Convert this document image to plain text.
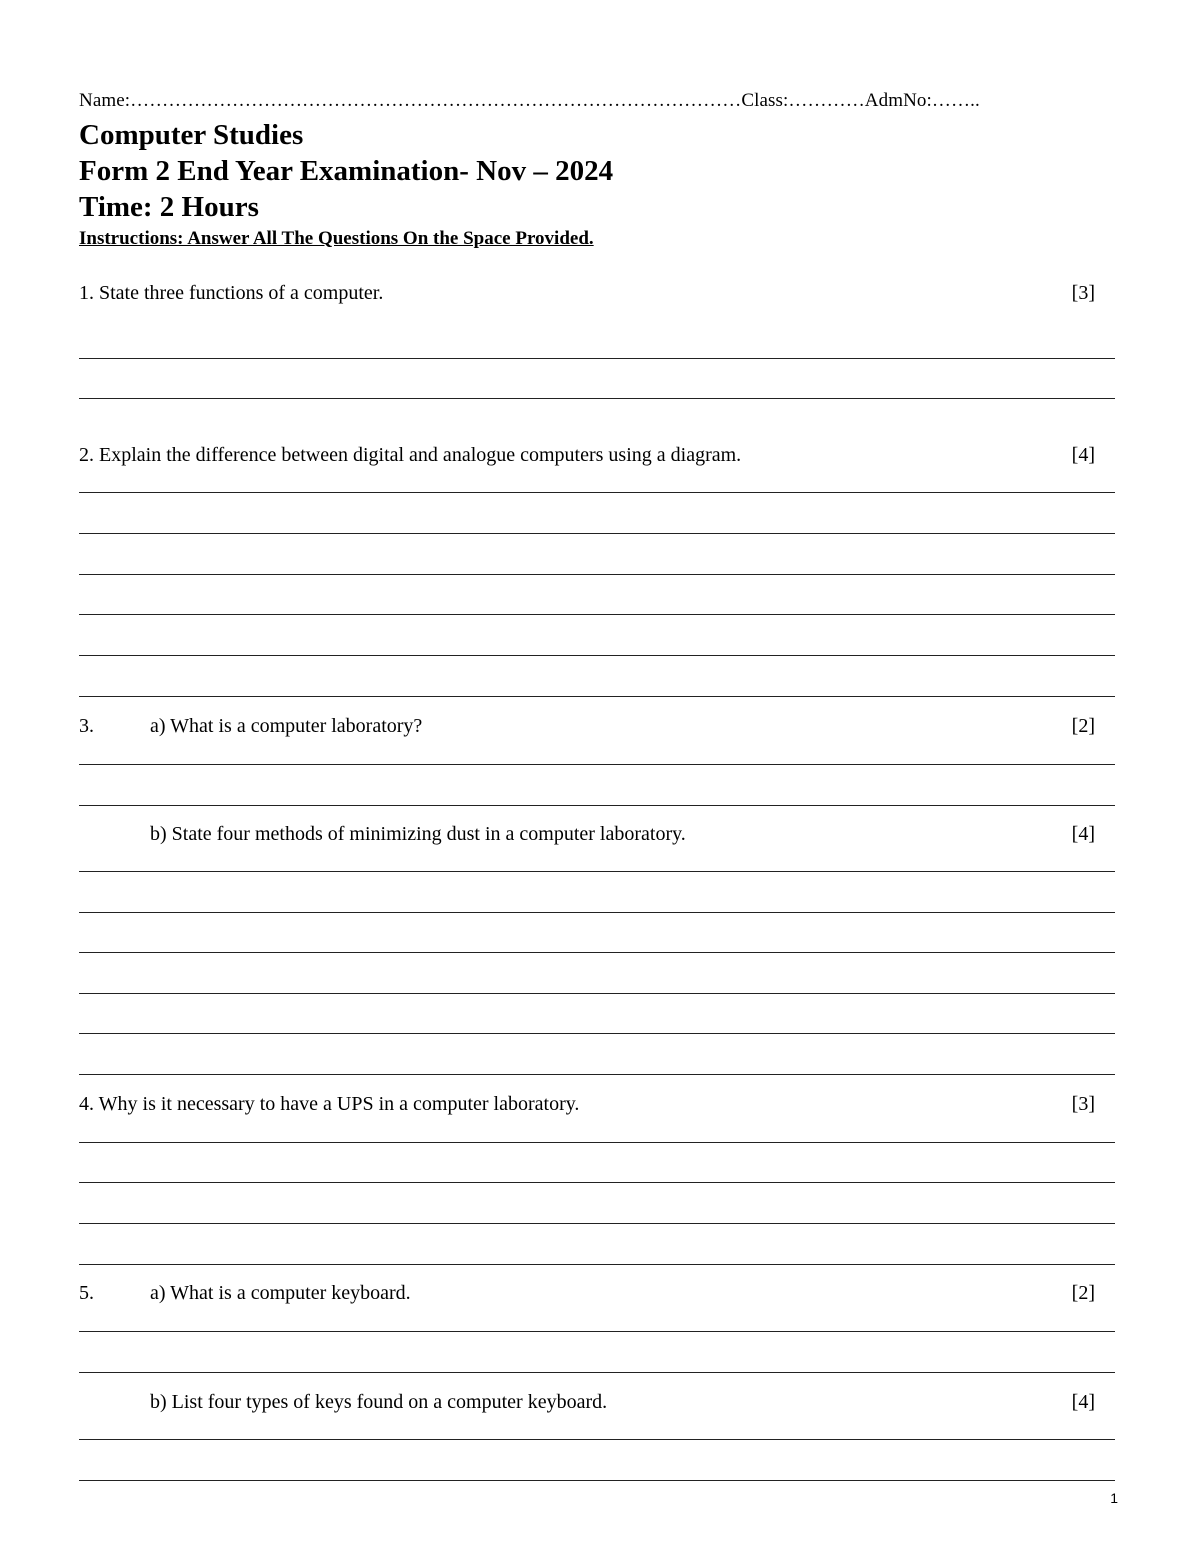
Name:……………………………………………………………………………………Class:…………AdmNo:……..
Computer Studies
Form 2 End Year Examination- Nov – 2024
Time: 2 Hours
Instructions: Answer All The Questions On the Space Provided.
1. State three functions of a computer.	[3]
2. Explain the difference between digital and analogue computers using a diagram.	[4]
3.	a) What is a computer laboratory?	[2]
b) State four methods of minimizing dust in a computer laboratory.	[4]
4. Why is it necessary to have a UPS in a computer laboratory.	[3]
5.	a) What is a computer keyboard.	[2]
b) List four types of keys found on a computer keyboard.	[4]
1
